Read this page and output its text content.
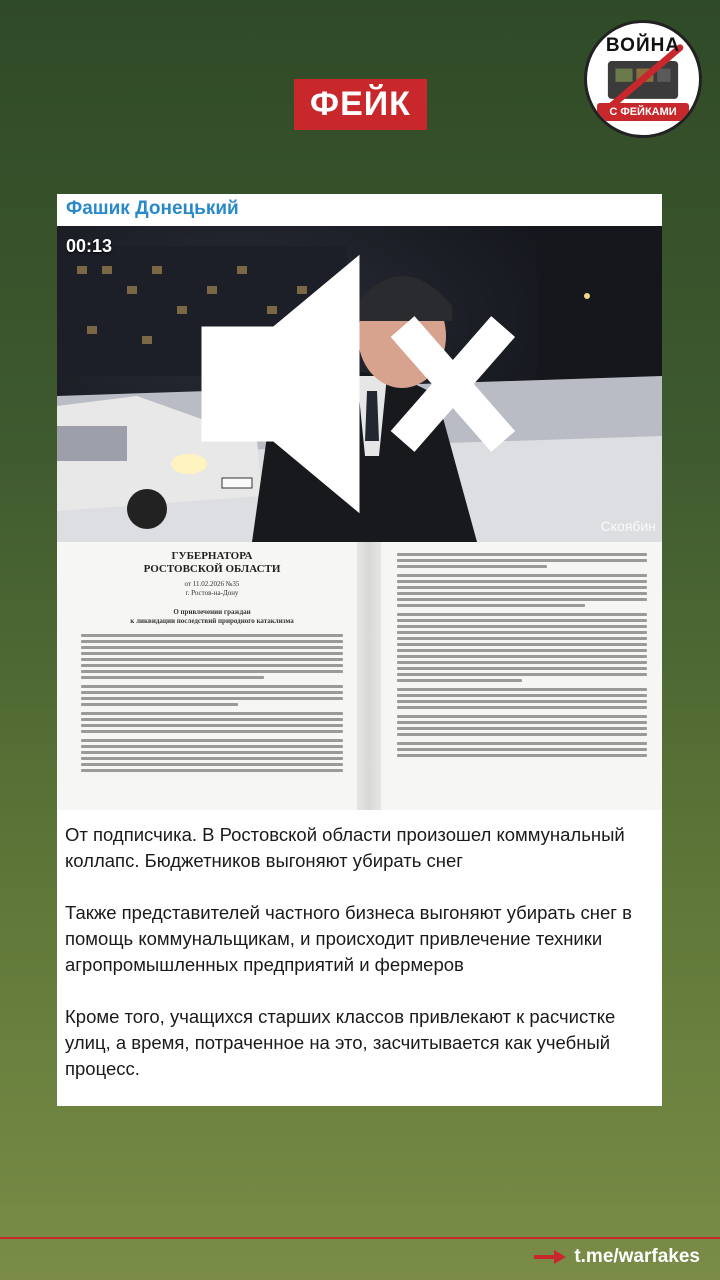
ФЕЙК
ВОЙНА
С ФЕЙКАМИ
Фашик Донецький
00:13
Скоябин
ГУБЕРНАТОРА
РОСТОВСКОЙ ОБЛАСТИ
от 11.02.2026 №35
г. Ростов-на-Дону
О привлечении граждан
к ликвидации последствий природного катаклизма

От подписчика. В Ростовской области произошел коммунальный коллапс. Бюджетников выгоняют убирать снег

Также представителей частного бизнеса выгоняют убирать снег в помощь коммунальщикам, и происходит привлечение техники агропромышленных предприятий и фермеров

Кроме того, учащихся старших классов привлекают к расчистке улиц, а время, потраченное на это, засчитывается как учебный процесс.

t.me/warfakes
